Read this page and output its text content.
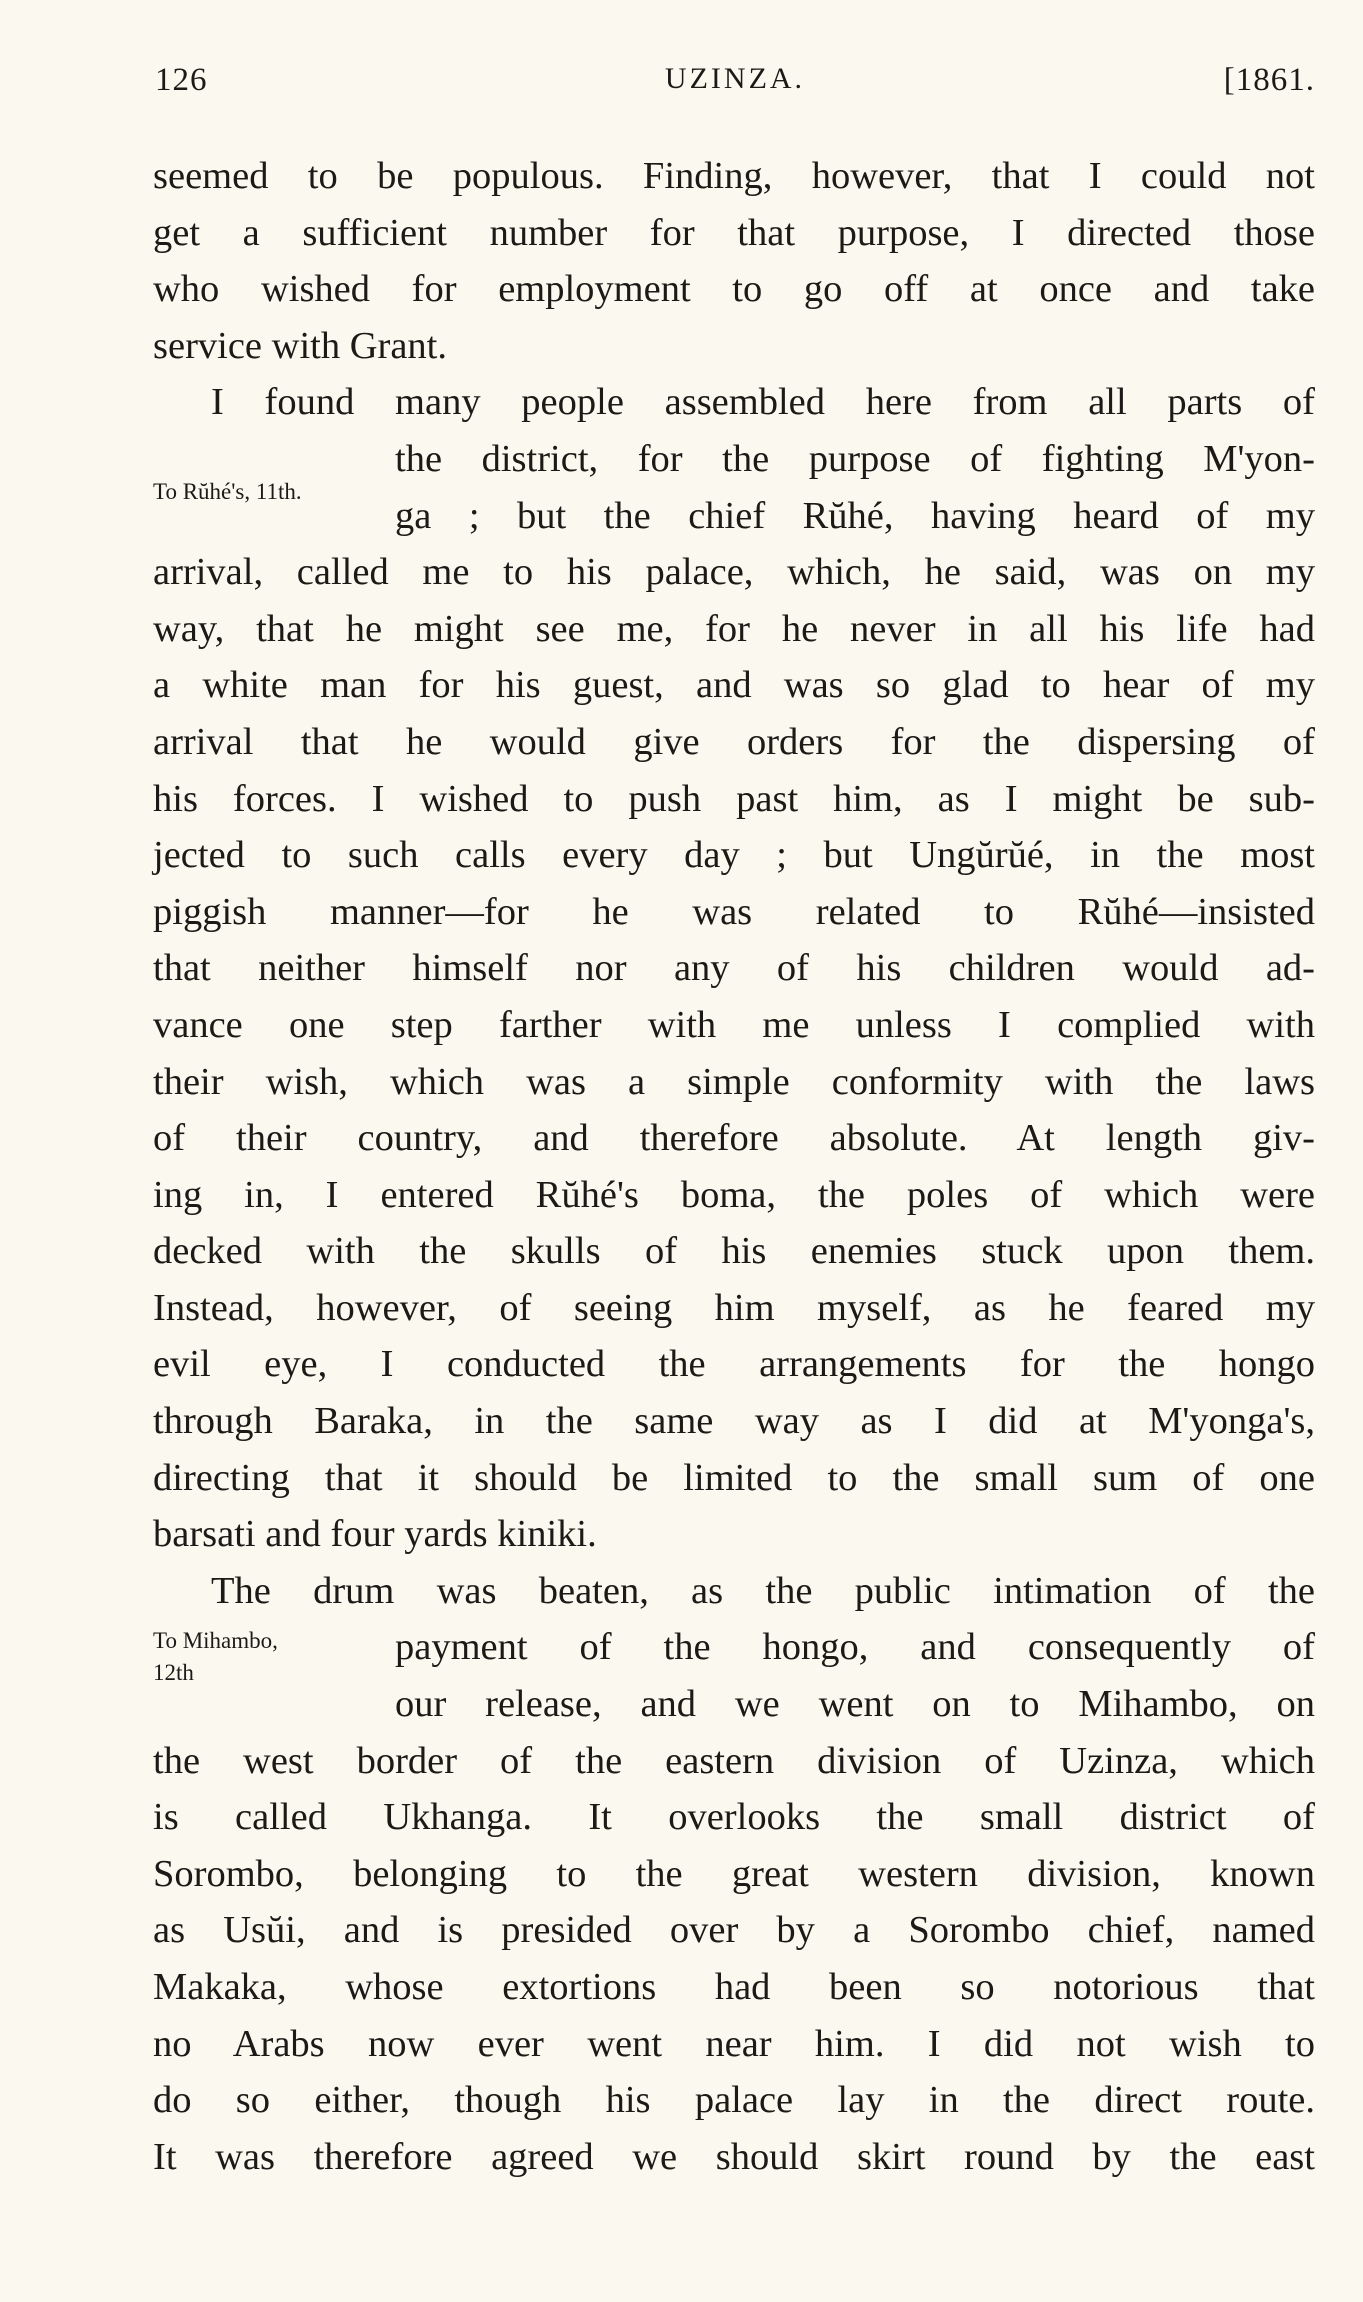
126	UZINZA.	[1861.
To Rŭhé's, 11th.
To Mihambo,
12th
seemed to be populous. Finding, however, that I could not
get a sufficient number for that purpose, I directed those
who wished for employment to go off at once and take
service with Grant.
I found many people assembled here from all parts of
the district, for the purpose of fighting M'yon-
ga ; but the chief Rŭhé, having heard of my
arrival, called me to his palace, which, he said, was on my
way, that he might see me, for he never in all his life had
a white man for his guest, and was so glad to hear of my
arrival that he would give orders for the dispersing of
his forces. I wished to push past him, as I might be sub-
jected to such calls every day ; but Ungŭrŭé, in the most
piggish manner—for he was related to Rŭhé—insisted
that neither himself nor any of his children would ad-
vance one step farther with me unless I complied with
their wish, which was a simple conformity with the laws
of their country, and therefore absolute. At length giv-
ing in, I entered Rŭhé's boma, the poles of which were
decked with the skulls of his enemies stuck upon them.
Instead, however, of seeing him myself, as he feared my
evil eye, I conducted the arrangements for the hongo
through Baraka, in the same way as I did at M'yonga's,
directing that it should be limited to the small sum of one
barsati and four yards kiniki.
The drum was beaten, as the public intimation of the
payment of the hongo, and consequently of
our release, and we went on to Mihambo, on
the west border of the eastern division of Uzinza, which
is called Ukhanga. It overlooks the small district of
Sorombo, belonging to the great western division, known
as Usŭi, and is presided over by a Sorombo chief, named
Makaka, whose extortions had been so notorious that
no Arabs now ever went near him. I did not wish to
do so either, though his palace lay in the direct route.
It was therefore agreed we should skirt round by the east
